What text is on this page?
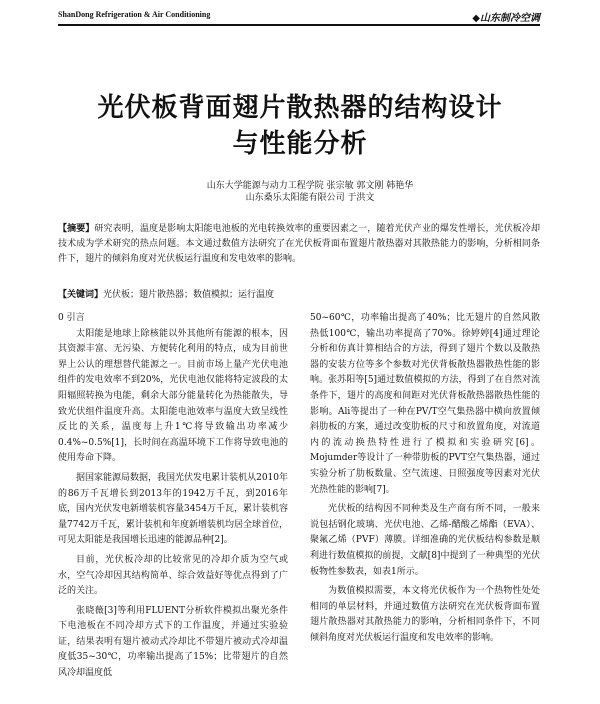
ShanDong Refrigeration & Air Conditioning	◆山东制冷空调
光伏板背面翅片散热器的结构设计
与性能分析
山东大学能源与动力工程学院 张宗敏 郭文刚 韩艳华
山东桑乐太阳能有限公司 于洪文

【摘要】研究表明，温度是影响太阳能电池板的光电转换效率的重要因素之一，随着光伏产业的爆发性增长，光伏板冷却技术成为学术研究的热点问题。本文通过数值方法研究了在光伏板背面布置翅片散热器对其散热能力的影响，分析相同条件下，翅片的倾斜角度对光伏板运行温度和发电效率的影响。

【关键词】光伏板；翅片散热器；数值模拟；运行温度

0 引言

太阳能是地球上除核能以外其他所有能源的根本，因其资源丰富、无污染、方便转化利用的特点，成为目前世界上公认的理想替代能源之一。目前市场上量产光伏电池组件的发电效率不到20%，光伏电池仅能将特定波段的太阳辐照转换为电能，剩余大部分能量转化为热能散失，导致光伏组件温度升高。太阳能电池效率与温度大致呈线性反比的关系，温度每上升1℃将导致输出功率减少0.4%~0.5%[1]，长时间在高温环境下工作将导致电池的使用寿命下降。

据国家能源局数据，我国光伏发电累计装机从2010年的86万千瓦增长到2013年的1942万千瓦，到2016年底，国内光伏发电新增装机容量3454万千瓦，累计装机容量7742万千瓦，累计装机和年度新增装机均居全球首位，可见太阳能是我国增长迅速的能源品种[2]。

目前，光伏板冷却的比较常见的冷却介质为空气或水，空气冷却因其结构简单、综合效益好等优点得到了广泛的关注。

张晓薇[3]等利用FLUENT分析软件模拟出聚光条件下电池板在不同冷却方式下的工作温度，并通过实验验证，结果表明有翅片被动式冷却比不带翅片被动式冷却温度低35~30℃，功率输出提高了15%；比带翅片的自然风冷却温度低

50~60℃，功率输出提高了40%；比无翅片的自然风散热低100℃，输出功率提高了70%。徐婷婷[4]通过理论分析和仿真计算相结合的方法，得到了翅片个数以及散热器的安装方位等多个参数对光伏背板散热器散热性能的影响。张苏阳等[5]通过数值模拟的方法，得到了在自然对流条件下，翅片的高度和间距对光伏背板散热器散热性能的影响。Ali等提出了一种在PV/T空气集热器中横向放置倾斜肋板的方案，通过改变肋板的尺寸和放置角度，对流道内的流动换热特性进行了模拟和实验研究[6]。Mojumder等设计了一种带肋板的PVT空气集热器，通过实验分析了肋板数量、空气流速、日照强度等因素对光伏光热性能的影响[7]。

光伏板的结构因不同种类及生产商有所不同，一般来说包括钢化玻璃、光伏电池、乙烯-醋酸乙烯酯（EVA）、聚氟乙烯（PVF）薄膜。详细准确的光伏板结构参数是顺利进行数值模拟的前提，文献[8]中提到了一种典型的光伏板物性参数表，如表1所示。

为数值模拟需要，本文将光伏板作为一个热物性处处相同的单层材料，并通过数值方法研究在光伏板背面布置翅片散热器对其散热能力的影响，分析相同条件下，不同倾斜角度对光伏板运行温度和发电效率的影响。
